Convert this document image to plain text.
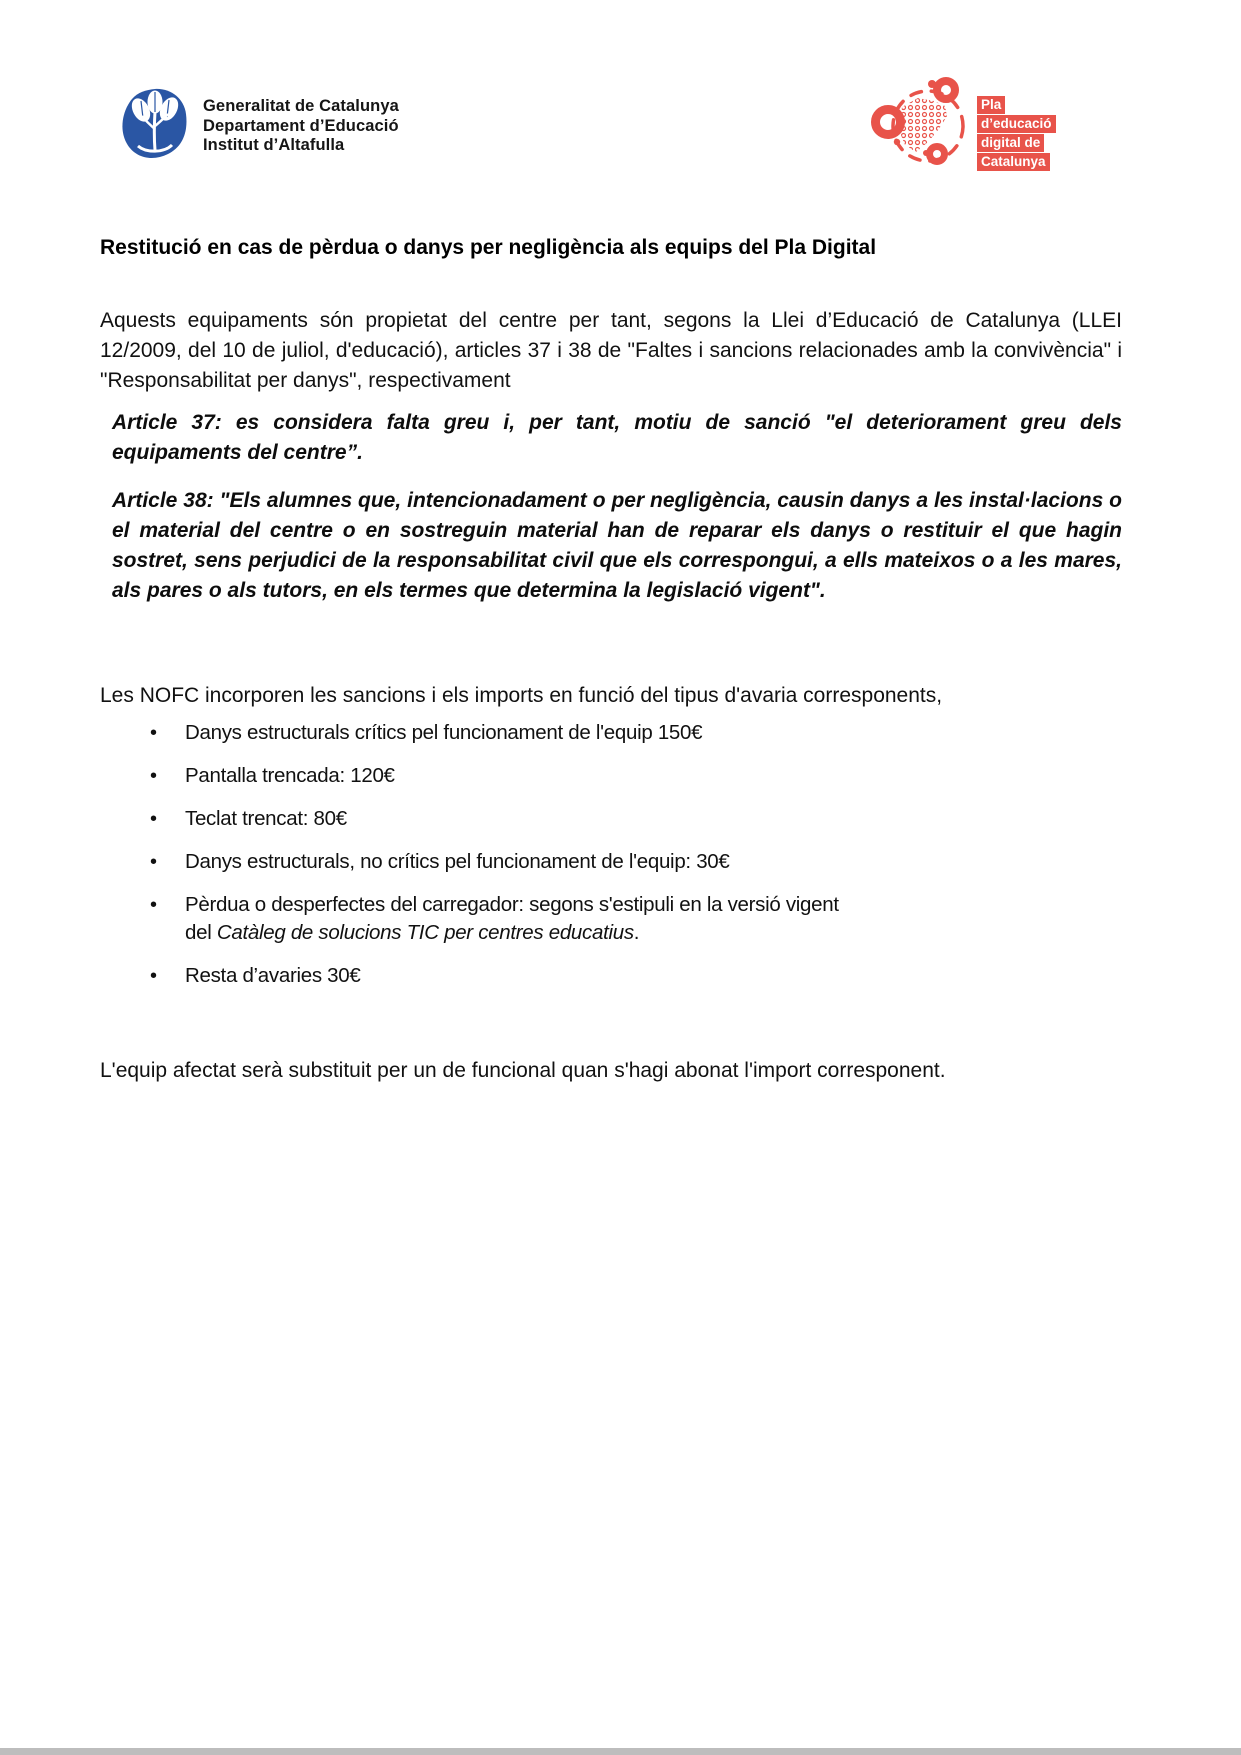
Generalitat de Catalunya
Departament d’Educació
Institut d’Altafulla
Pla
d’educació
digital de
Catalunya
Restitució en cas de pèrdua o danys per negligència als equips del Pla Digital

Aquests equipaments són propietat del centre per tant, segons la Llei d’Educació de Catalunya (LLEI 12/2009, del 10 de juliol, d'educació), articles 37 i 38 de "Faltes i sancions relacionades amb la convivència" i "Responsabilitat per danys", respectivament

Article 37: es considera falta greu i, per tant, motiu de sanció "el deteriorament greu dels equipaments del centre”.

Article 38: "Els alumnes que, intencionadament o per negligència, causin danys a les instal·lacions o el material del centre o en sostreguin material han de reparar els danys o restituir el que hagin sostret, sens perjudici de la responsabilitat civil que els correspongui, a ells mateixos o a les mares, als pares o als tutors, en els termes que determina la legislació vigent".

Les NOFC incorporen les sancions i els imports en funció del tipus d'avaria corresponents,

• Danys estructurals crítics pel funcionament de l'equip 150€
• Pantalla trencada: 120€
• Teclat trencat: 80€
• Danys estructurals, no crítics pel funcionament de l'equip: 30€
• Pèrdua o desperfectes del carregador: segons s'estipuli en la versió vigent
del Catàleg de solucions TIC per centres educatius.
• Resta d’avaries 30€

L'equip afectat serà substituit per un de funcional quan s'hagi abonat l'import corresponent.
